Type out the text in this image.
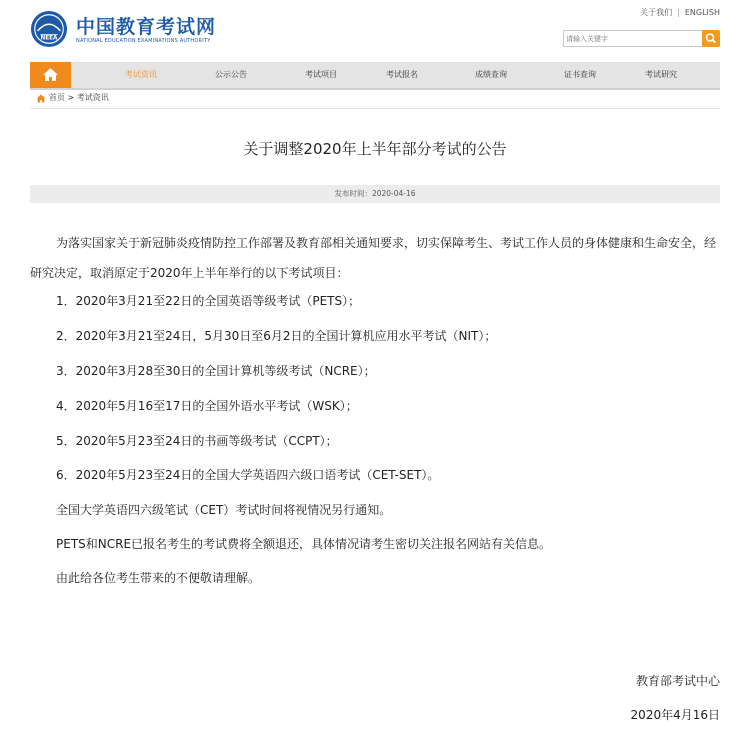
NEEA
中国教育考试网
NATIONAL EDUCATION EXAMINATIONS AUTHORITY
关于我们 | ENGLISH
请输入关键字
考试资讯	公示公告	考试项目	考试报名	成绩查询	证书查询	考试研究
首页 > 考试资讯
关于调整2020年上半年部分考试的公告
发布时间：2020-04-16
为落实国家关于新冠肺炎疫情防控工作部署及教育部相关通知要求，切实保障考生、考试工作人员的身体健康和生命安全，经研究决定，取消原定于2020年上半年举行的以下考试项目：
1．2020年3月21至22日的全国英语等级考试（PETS）；
2．2020年3月21至24日，5月30日至6月2日的全国计算机应用水平考试（NIT）；
3．2020年3月28至30日的全国计算机等级考试（NCRE）；
4．2020年5月16至17日的全国外语水平考试（WSK）；
5．2020年5月23至24日的书画等级考试（CCPT）；
6．2020年5月23至24日的全国大学英语四六级口语考试（CET-SET）。
全国大学英语四六级笔试（CET）考试时间将视情况另行通知。
PETS和NCRE已报名考生的考试费将全额退还，具体情况请考生密切关注报名网站有关信息。
由此给各位考生带来的不便敬请理解。
教育部考试中心
2020年4月16日
